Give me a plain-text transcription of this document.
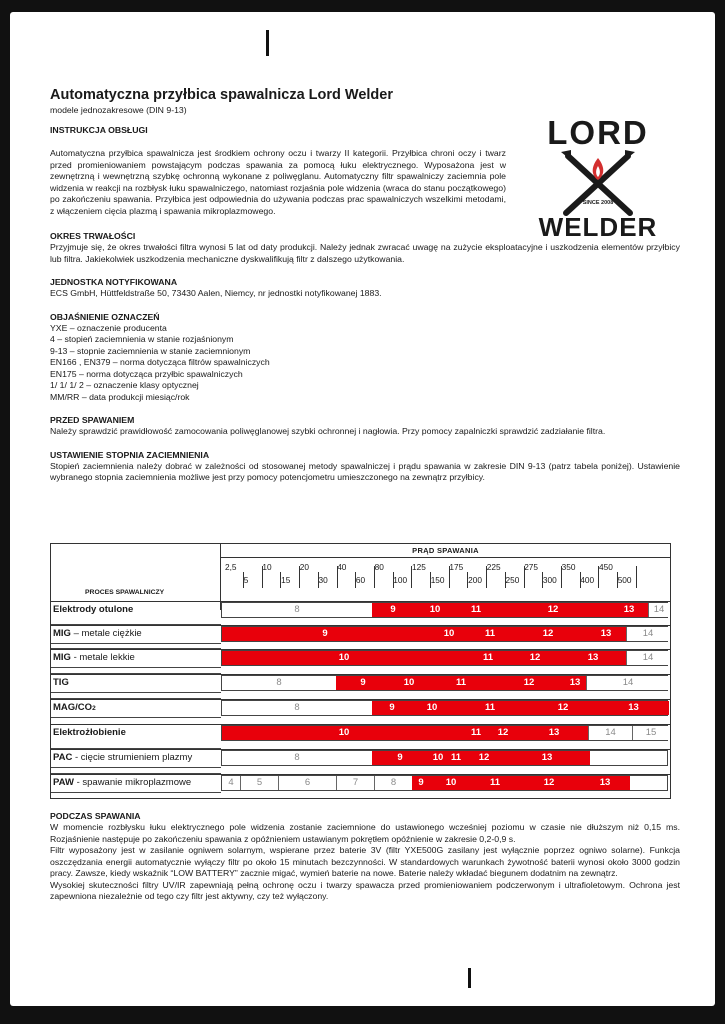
LORD
SINCE 2008
WELDER
Automatyczna przyłbica spawalnicza Lord Welder
modele jednozakresowe (DIN 9-13)
INSTRUKCJA OBSŁUGI
Automatyczna przyłbica spawalnicza jest środkiem ochrony oczu i twarzy II kategorii. Przyłbica chroni oczy i twarz przed promieniowaniem powstającym podczas spawania za pomocą łuku elektrycznego. Wyposażona jest w zewnętrzną i wewnętrzną szybkę ochronną wykonane z poliwęglanu. Automatyczny filtr spawalniczy zaciemnia pole widzenia w reakcji na rozbłysk łuku spawalniczego, natomiast rozjaśnia pole widzenia (wraca do stanu początkowego) po zakończeniu spawania. Przyłbica jest odpowiednia do używania podczas prac spawalniczych wszelkimi metodami, z włączeniem cięcia plazmą i spawania mikroplazmowego.
OKRES TRWAŁOŚCI
Przyjmuje się, że okres trwałości filtra wynosi 5 lat od daty produkcji. Należy jednak zwracać uwagę na zużycie eksploatacyjne i uszkodzenia elementów przyłbicy lub filtra. Jakiekolwiek uszkodzenia mechaniczne dyskwalifikują filtr z dalszego użytkowania.
JEDNOSTKA NOTYFIKOWANA
ECS GmbH, Hüttfeldstraße 50, 73430 Aalen, Niemcy, nr jednostki notyfikowanej 1883.
OBJAŚNIENIE OZNACZEŃ
YXE – oznaczenie producenta
4 – stopień zaciemnienia w stanie rozjaśnionym
9-13 – stopnie zaciemnienia w stanie zaciemnionym
EN166 , EN379 – norma dotycząca filtrów spawalniczych
EN175 – norma dotycząca przyłbic spawalniczych
1/ 1/ 1/ 2 – oznaczenie klasy optycznej
MM/RR – data produkcji miesiąc/rok
PRZED SPAWANIEM
Należy sprawdzić prawidłowość zamocowania poliwęglanowej szybki ochronnej i nagłowia. Przy pomocy zapalniczki sprawdzić zadziałanie filtra.
USTAWIENIE STOPNIA ZACIEMNIENIA
Stopień zaciemnienia należy dobrać w zależności od stosowanej metody spawalniczej i prądu spawania w zakresie DIN 9-13 (patrz tabela poniżej). Ustawienie wybranego stopnia zaciemnienia możliwe jest przy pomocy potencjometru umieszczonego na zewnątrz przyłbicy.
PRĄD SPAWANIA
PROCES SPAWALNICZY
2,5	10	20	40	80	125	175	225	275	350	450
5	15	30	60	100	150	200	250	300	400	500
Elektrody otulone	8	9	10	11	12	13	14
MIG – metale ciężkie	9	10	11	12	13	14
MIG - metale lekkie	10	11	12	13	14
TIG	8	9	10	11	12	13	14
MAG/CO2	8	9	10	11	12	13
Elektrożłobienie	10	11	12	13	14	15
PAC - cięcie strumieniem plazmy	8	9	10 11	12	13
PAW - spawanie mikroplazmowe	4	5	6	7	8	9	10	11	12	13
PODCZAS SPAWANIA
W momencie rozbłysku łuku elektrycznego pole widzenia zostanie zaciemnione do ustawionego wcześniej poziomu w czasie nie dłuższym niż 0,15 ms. Rozjaśnienie następuje po zakończeniu spawania z opóźnieniem ustawianym pokrętłem opóźnienie w zakresie 0,2-0,9 s.
Filtr wyposażony jest w zasilanie ogniwem solarnym, wspierane przez baterie 3V (filtr YXE500G zasilany jest wyłącznie poprzez ogniwo solarne). Funkcja oszczędzania energii automatycznie wyłączy filtr po około 15 minutach bezczynności. W standardowych warunkach żywotność baterii wynosi około 3000 godzin pracy. Zawsze, kiedy wskaźnik “LOW BATTERY” zacznie migać, wymień baterie na nowe. Baterie należy wkładać biegunem dodatnim na zewnątrz.
Wysokiej skuteczności filtry UV/IR zapewniają pełną ochronę oczu i twarzy spawacza przed promieniowaniem podczerwonym i ultrafioletowym. Ochrona jest zapewniona niezależnie od tego czy filtr jest aktywny, czy też wyłączony.
